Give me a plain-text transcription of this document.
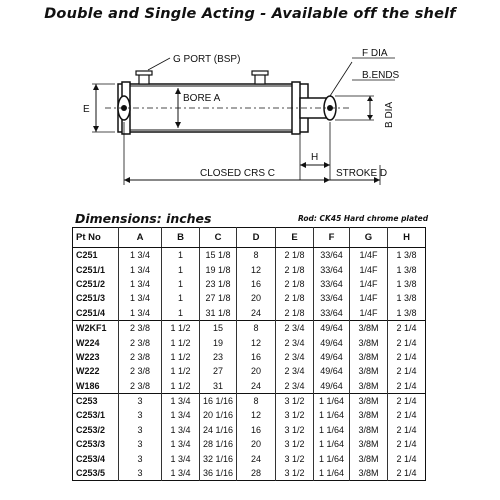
Double and Single Acting - Available off the shelf
G PORT (BSP)
F DIA
B.ENDS
BORE A
E	B DIA
H
CLOSED CRS C	STROKE D
Dimensions: inches	Rod: CK45 Hard chrome plated
Pt No	A	B	C	D	E	F	G	H
C251	1 3/4	1	15 1/8	8	2 1/8	33/64	1/4F	1 3/8
C251/1	1 3/4	1	19 1/8	12	2 1/8	33/64	1/4F	1 3/8
C251/2	1 3/4	1	23 1/8	16	2 1/8	33/64	1/4F	1 3/8
C251/3	1 3/4	1	27 1/8	20	2 1/8	33/64	1/4F	1 3/8
C251/4	1 3/4	1	31 1/8	24	2 1/8	33/64	1/4F	1 3/8
W2KF1	2 3/8	1 1/2	15	8	2 3/4	49/64	3/8M	2 1/4
W224	2 3/8	1 1/2	19	12	2 3/4	49/64	3/8M	2 1/4
W223	2 3/8	1 1/2	23	16	2 3/4	49/64	3/8M	2 1/4
W222	2 3/8	1 1/2	27	20	2 3/4	49/64	3/8M	2 1/4
W186	2 3/8	1 1/2	31	24	2 3/4	49/64	3/8M	2 1/4
C253	3	1 3/4	16 1/16	8	3 1/2	1 1/64	3/8M	2 1/4
C253/1	3	1 3/4	20 1/16	12	3 1/2	1 1/64	3/8M	2 1/4
C253/2	3	1 3/4	24 1/16	16	3 1/2	1 1/64	3/8M	2 1/4
C253/3	3	1 3/4	28 1/16	20	3 1/2	1 1/64	3/8M	2 1/4
C253/4	3	1 3/4	32 1/16	24	3 1/2	1 1/64	3/8M	2 1/4
C253/5	3	1 3/4	36 1/16	28	3 1/2	1 1/64	3/8M	2 1/4
